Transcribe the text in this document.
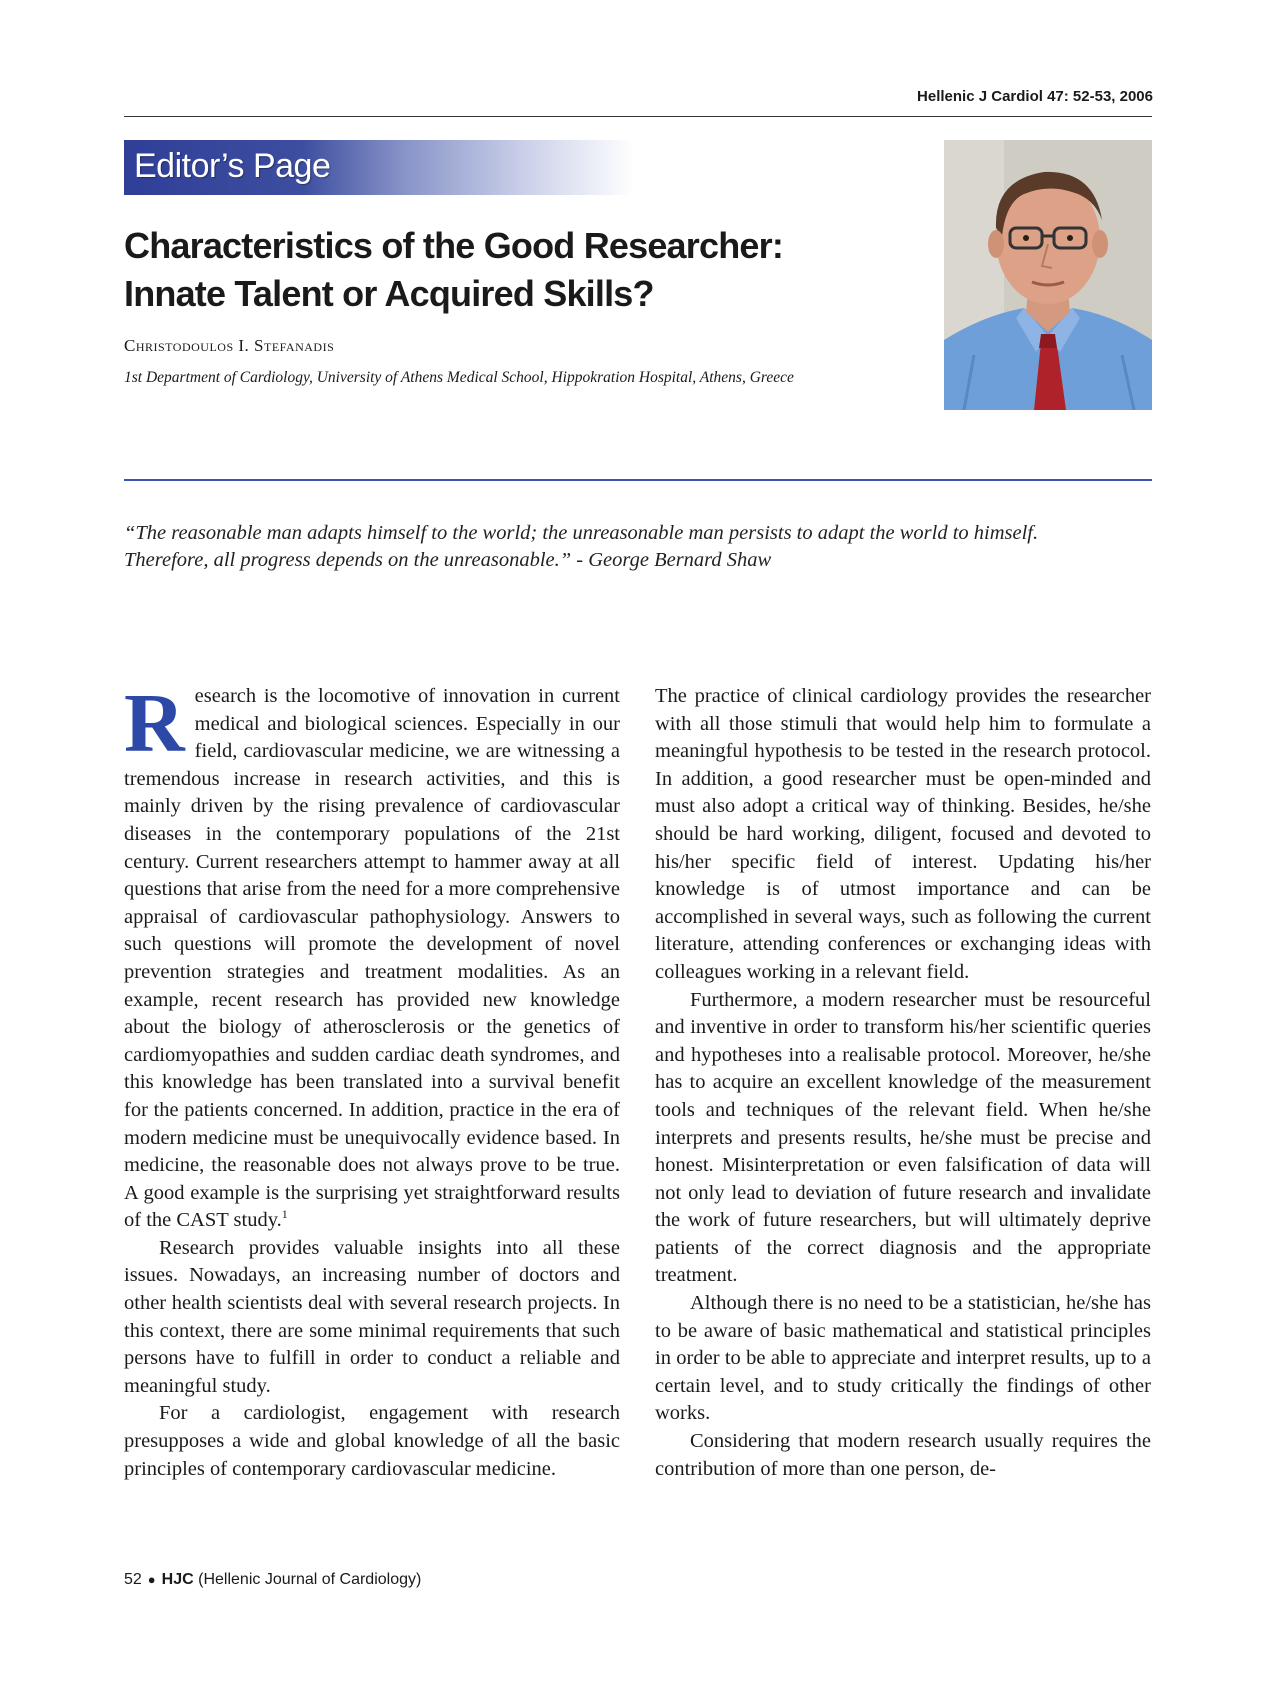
Hellenic J Cardiol 47: 52-53, 2006
Editor’s Page
Characteristics of the Good Researcher:
Innate Talent or Acquired Skills?
Christodoulos I. Stefanadis
1st Department of Cardiology, University of Athens Medical School, Hippokration Hospital, Athens, Greece

“The reasonable man adapts himself to the world; the unreasonable man persists to adapt the world to himself.

Therefore, all progress depends on the unreasonable.” - George Bernard Shaw

Research is the locomotive of innovation in current medical and biological sciences. Especially in our field, cardiovascular medicine, we are witnessing a tremendous increase in research activities, and this is mainly driven by the rising prevalence of cardiovascular diseases in the contemporary populations of the 21st century. Current researchers attempt to hammer away at all questions that arise from the need for a more comprehensive appraisal of cardiovascular pathophysiology. Answers to such questions will promote the development of novel prevention strategies and treatment modalities. As an example, recent research has provided new knowledge about the biology of atherosclerosis or the genetics of cardiomyopathies and sudden cardiac death syndromes, and this knowledge has been translated into a survival benefit for the patients concerned. In addition, practice in the era of modern medicine must be unequivocally evidence based. In medicine, the reasonable does not always prove to be true. A good example is the surprising yet straightforward results of the CAST study.$^1$

Research provides valuable insights into all these issues. Nowadays, an increasing number of doctors and other health scientists deal with several research projects. In this context, there are some minimal requirements that such persons have to fulfill in order to conduct a reliable and meaningful study.

For a cardiologist, engagement with research presupposes a wide and global knowledge of all the basic principles of contemporary cardiovascular medicine.

The practice of clinical cardiology provides the researcher with all those stimuli that would help him to formulate a meaningful hypothesis to be tested in the research protocol. In addition, a good researcher must be open-minded and must also adopt a critical way of thinking. Besides, he/she should be hard working, diligent, focused and devoted to his/her specific field of interest. Updating his/her knowledge is of utmost importance and can be accomplished in several ways, such as following the current literature, attending conferences or exchanging ideas with colleagues working in a relevant field.

Furthermore, a modern researcher must be resourceful and inventive in order to transform his/her scientific queries and hypotheses into a realisable protocol. Moreover, he/she has to acquire an excellent knowledge of the measurement tools and techniques of the relevant field. When he/she interprets and presents results, he/she must be precise and honest. Misinterpretation or even falsification of data will not only lead to deviation of future research and invalidate the work of future researchers, but will ultimately deprive patients of the correct diagnosis and the appropriate treatment.

Although there is no need to be a statistician, he/she has to be aware of basic mathematical and statistical principles in order to be able to appreciate and interpret results, up to a certain level, and to study critically the findings of other works.

Considering that modern research usually requires the contribution of more than one person, de-

52 ● HJC (Hellenic Journal of Cardiology)
